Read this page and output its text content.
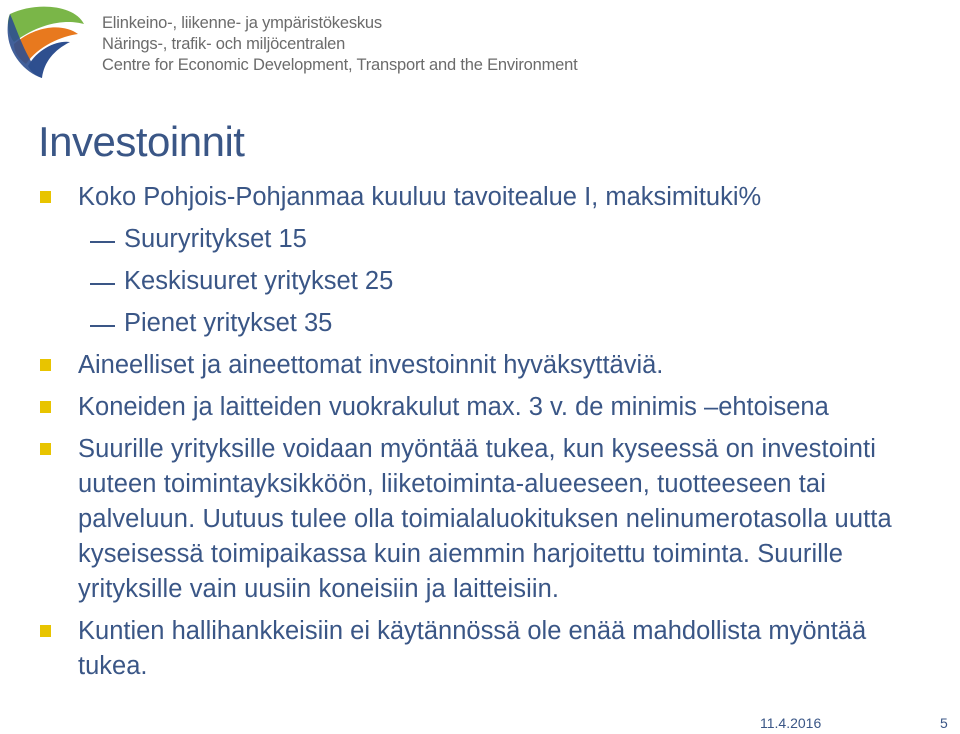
Elinkeino-, liikenne- ja ympäristökeskus
Närings-, trafik- och miljöcentralen
Centre for Economic Development, Transport and the Environment
Investoinnit
Koko Pohjois-Pohjanmaa kuuluu tavoitealue I, maksimituki%
Suuryritykset 15
Keskisuuret yritykset 25
Pienet yritykset 35
Aineelliset ja aineettomat investoinnit hyväksyttäviä.
Koneiden ja laitteiden vuokrakulut max. 3 v. de minimis –ehtoisena
Suurille yrityksille voidaan myöntää tukea, kun kyseessä on investointi uuteen toimintayksikköön, liiketoiminta-alueeseen, tuotteeseen tai palveluun. Uutuus tulee olla toimialaluokituksen nelinumerotasolla uutta kyseisessä toimipaikassa kuin aiemmin harjoitettu toiminta. Suurille yrityksille vain uusiin koneisiin ja laitteisiin.
Kuntien hallihankkeisiin ei käytännössä ole enää mahdollista myöntää tukea.
11.4.2016	5
